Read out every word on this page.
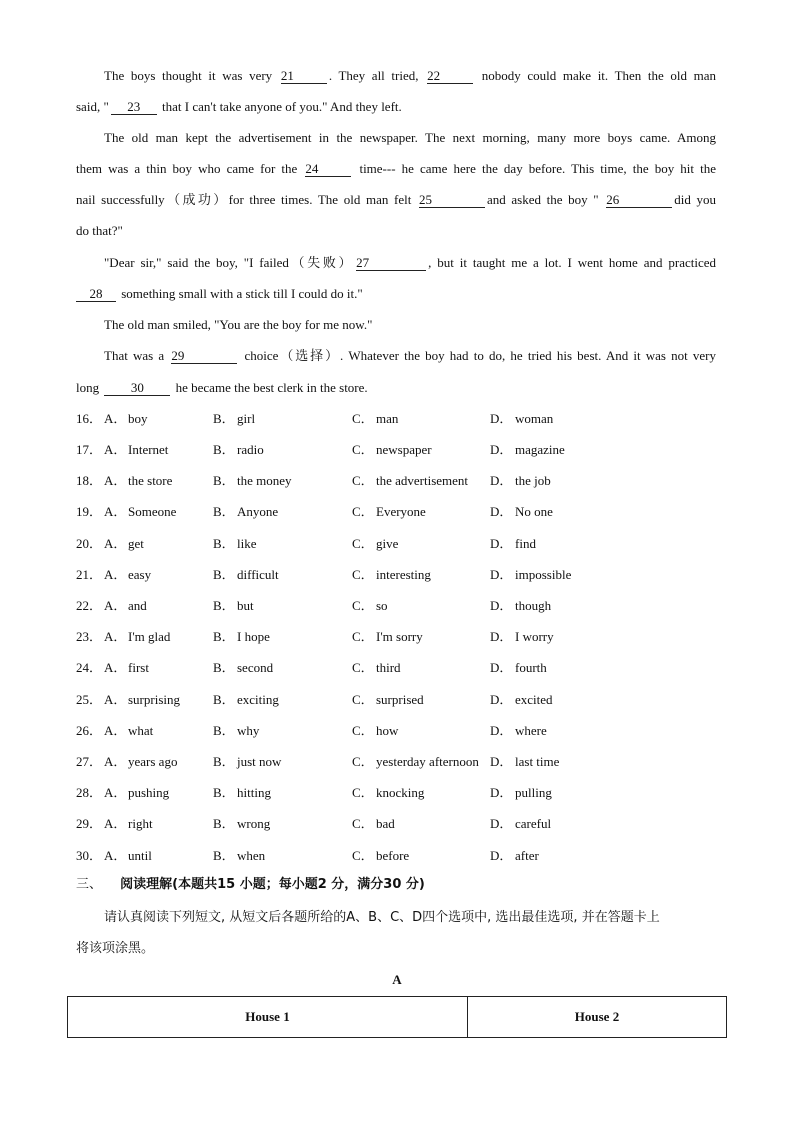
The boys thought it was very 21	. They all tried, 22	nobody could make it. Then the old man
said, " 23 that I can't take anyone of you." And they left.
The old man kept the advertisement in the newspaper. The next morning, many more boys came. Among
them was a thin boy who came for the 24	time--- he came here the day before. This time, the boy hit the
nail successfully（成功）for three times. The old man felt 25	and asked the boy " 26	did you
do that?"
"Dear sir," said the boy, "I failed（失败） 27	, but it taught me a lot. I went home and practiced
28 something small with a stick till I could do it."
The old man smiled, "You are the boy for me now."
That was a 29	choice（选择）. Whatever the boy had to do, he tried his best. And it was not very
long 30 he became the best clerk in the store.
16． A． boy	B． girl	C． man	D． woman
17． A． Internet	B． radio	C． newspaper	D． magazine
18． A． the store	B． the money	C． the advertisement D． the job
19． A． Someone	B． Anyone	C． Everyone	D． No one
20． A． get	B． like	C． give	D． find
21． A． easy	B． difficult	C． interesting	D． impossible
22． A． and	B． but	C． so	D． though
23． A． I'm glad	B． I hope	C． I'm sorry	D． I worry
24． A． first	B． second	C． third	D． fourth
25． A． surprising	B． exciting	C． surprised	D． excited
26． A． what	B． why	C． how	D． where
27． A． years ago	B． just now	C． yesterday afternoon D． last time
28． A． pushing	B． hitting	C． knocking	D． pulling
29． A． right	B． wrong	C． bad	D． careful
30． A． until	B． when	C． before	D． after
三、 阅读理解(本题共15 小题；每小题2 分，满分30 分)
请认真阅读下列短文, 从短文后各题所给的A、B、C、D四个选项中, 选出最佳选项, 并在答题卡上
将该项涂黑。
A
House 1	House 2
